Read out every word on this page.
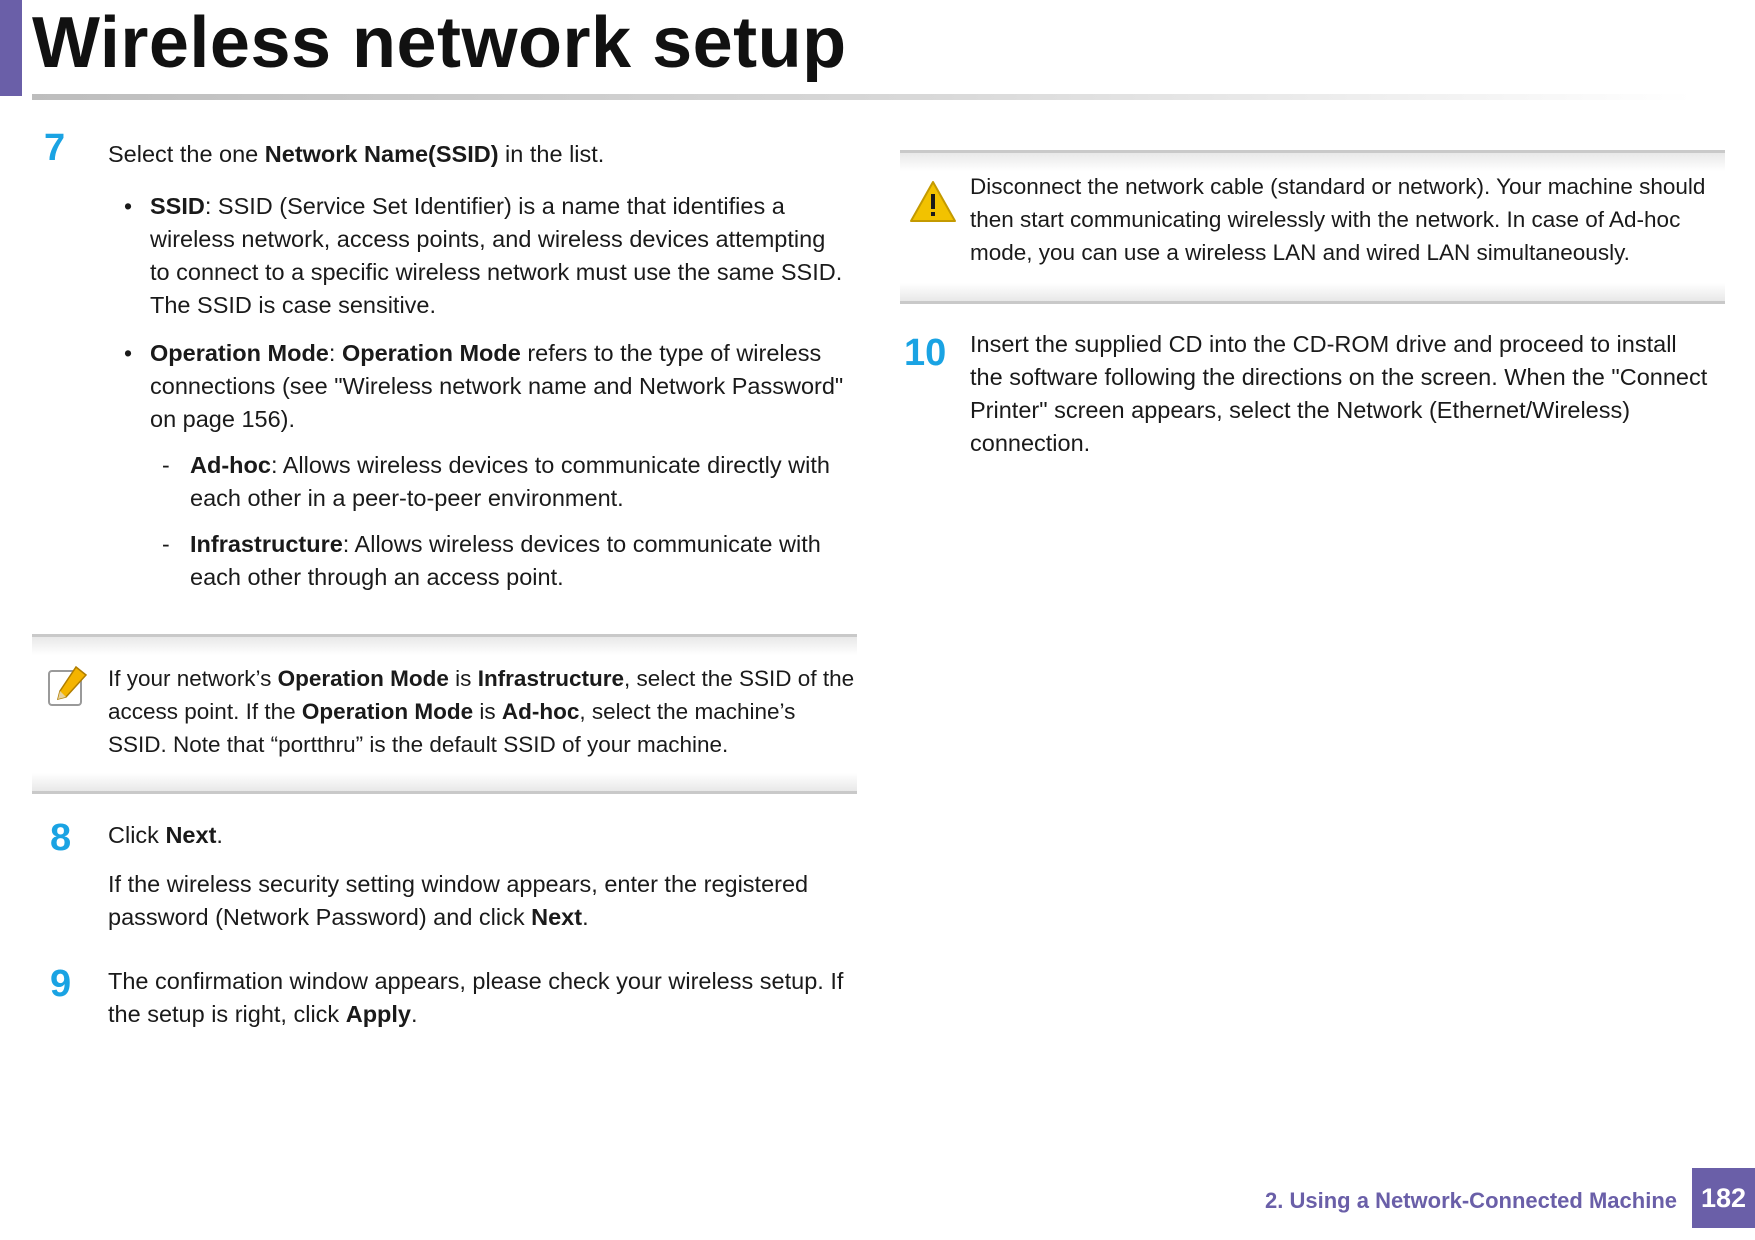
Wireless network setup
7 Select the one Network Name(SSID) in the list.

• SSID: SSID (Service Set Identifier) is a name that identifies a wireless network, access points, and wireless devices attempting to connect to a specific wireless network must use the same SSID. The SSID is case sensitive.

• Operation Mode: Operation Mode refers to the type of wireless connections (see "Wireless network name and Network Password" on page 156).

- Ad-hoc: Allows wireless devices to communicate directly with each other in a peer-to-peer environment.

- Infrastructure: Allows wireless devices to communicate with each other through an access point.

If your network’s Operation Mode is Infrastructure, select the SSID of the access point. If the Operation Mode is Ad-hoc, select the machine’s SSID. Note that “portthru” is the default SSID of your machine.

8 Click Next.

If the wireless security setting window appears, enter the registered password (Network Password) and click Next.

9 The confirmation window appears, please check your wireless setup. If the setup is right, click Apply.

Disconnect the network cable (standard or network). Your machine should then start communicating wirelessly with the network. In case of Ad-hoc mode, you can use a wireless LAN and wired LAN simultaneously.

10 Insert the supplied CD into the CD-ROM drive and proceed to install the software following the directions on the screen. When the "Connect Printer" screen appears, select the Network (Ethernet/Wireless) connection.

2. Using a Network-Connected Machine 182
